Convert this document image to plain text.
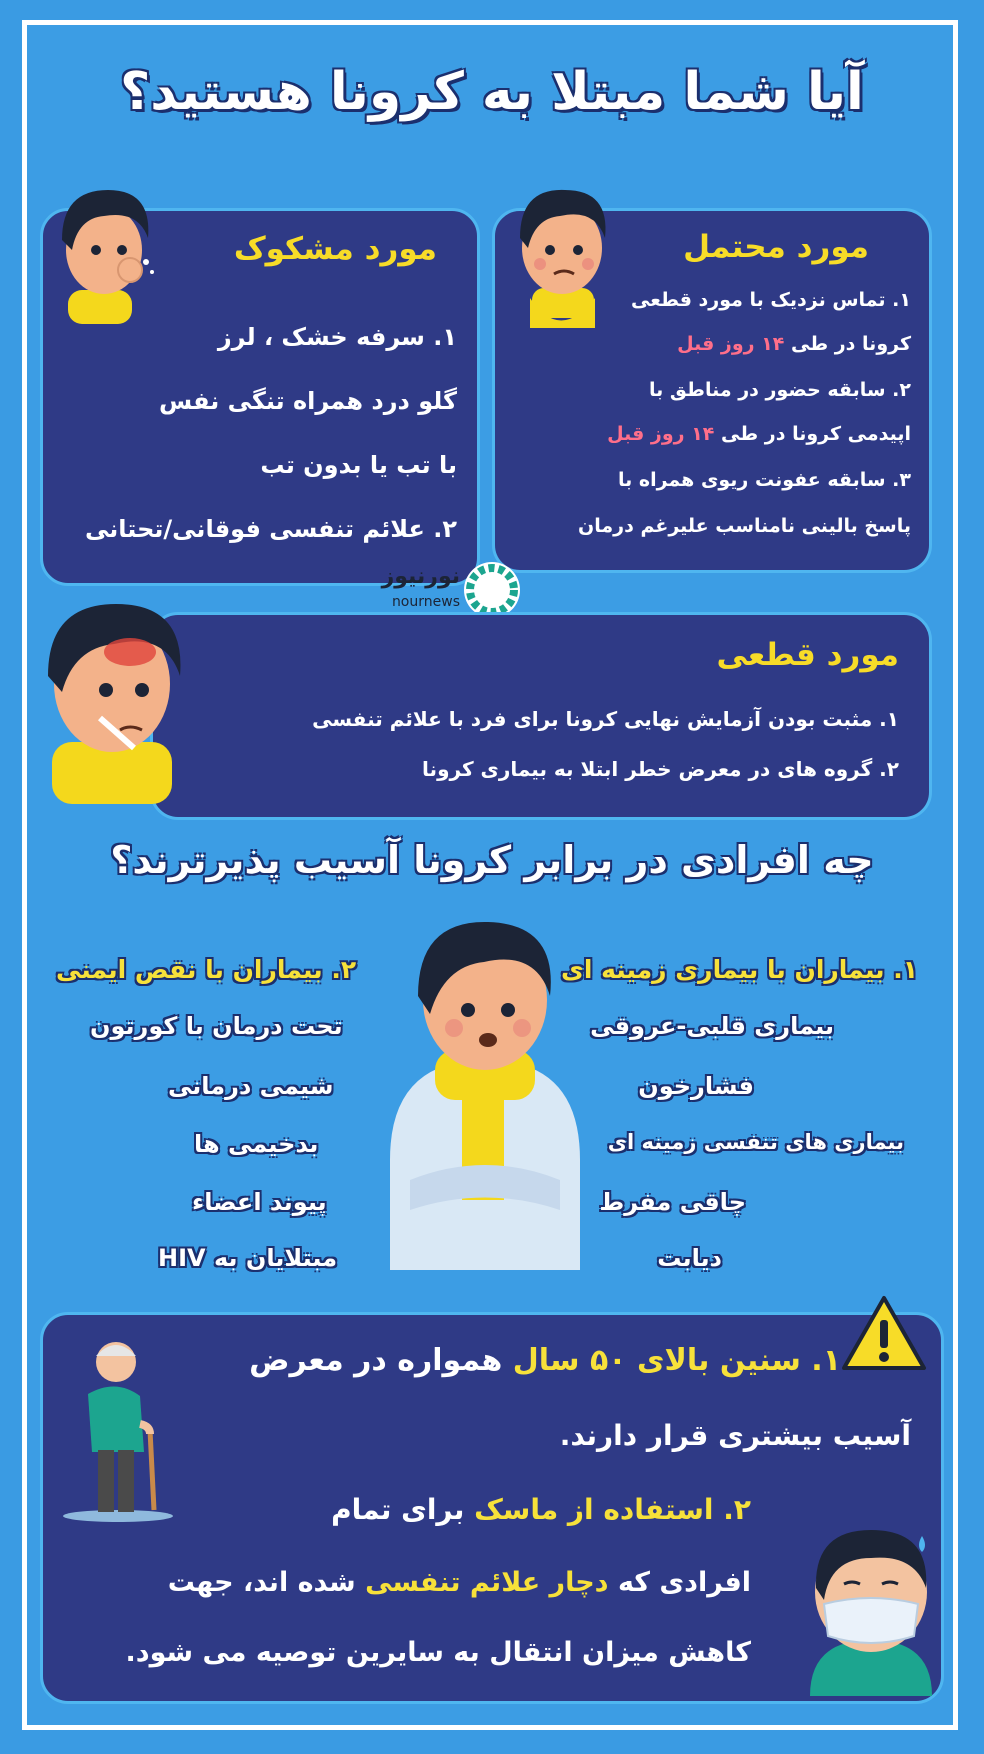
آیا شما مبتلا به کرونا هستید؟
مورد محتمل
۱. تماس نزدیک با مورد قطعی
کرونا در طی ۱۴ روز قبل
۲. سابقه حضور در مناطق با
اپیدمی کرونا در طی ۱۴ روز قبل
۳. سابقه عفونت ریوی همراه با
پاسخ بالینی نامناسب علیرغم درمان
مورد مشکوک
۱. سرفه خشک ، لرز
گلو درد همراه تنگی نفس
با تب یا بدون تب
۲. علائم تنفسی فوقانی/تحتانی
نورنیوز
nournews
مورد قطعی
۱. مثبت بودن آزمایش نهایی کرونا برای فرد با علائم تنفسی
۲. گروه های در معرض خطر ابتلا به بیماری کرونا
چه افرادی در برابر کرونا آسیب پذیرترند؟
۱. بیماران با بیماری زمینه ای
بیماری قلبی-عروقی
فشارخون
بیماری های تنفسی زمینه ای
چاقی مفرط
دیابت
۲. بیماران با نقص ایمنی
تحت درمان با کورتون
شیمی درمانی
بدخیمی ها
پیوند اعضاء
مبتلایان به HIV
۱. سنین بالای ۵۰ سال همواره در معرض
آسیب بیشتری قرار دارند.
۲. استفاده از ماسک برای تمام
افرادی که دچار علائم تنفسی شده اند، جهت
کاهش میزان انتقال به سایرین توصیه می شود.
